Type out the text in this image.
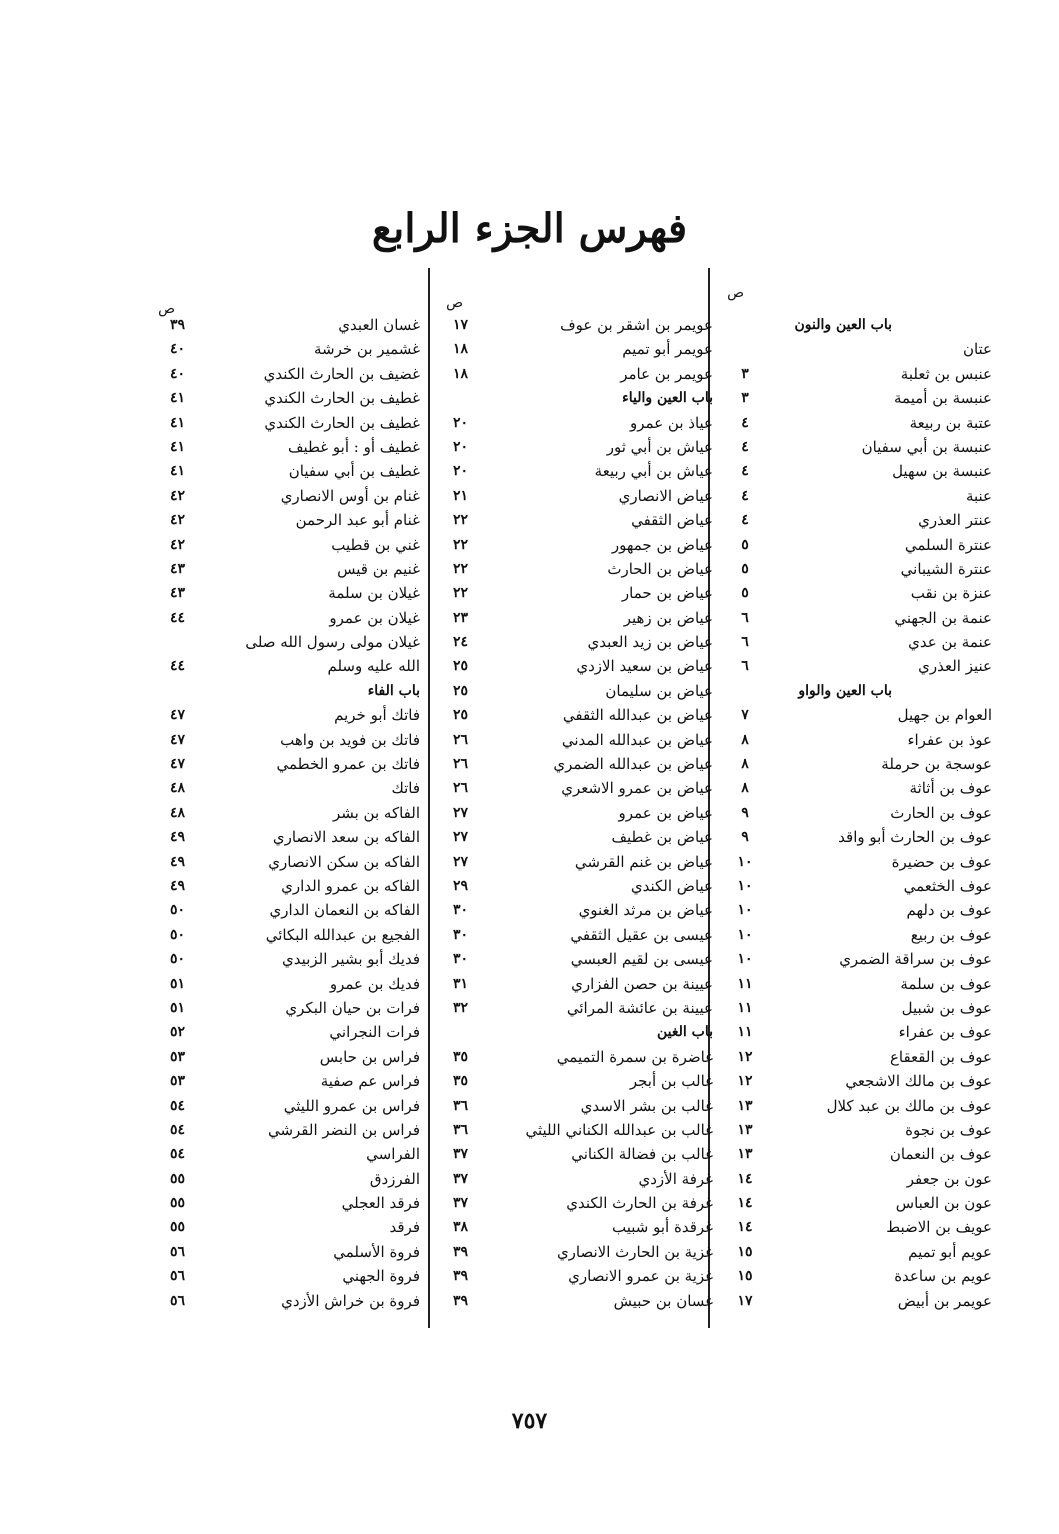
فهرس الجزء الرابع
ص
باب العين والنون
عتان
عنبس بن ثعلبة
٣
عنبسة بن أميمة
٣
عتبة بن ربيعة
٤
عنبسة بن أبي سفيان
٤
عنبسة بن سهيل
٤
عنبة
٤
عنتر العذري
٤
عنترة السلمي
٥
عنترة الشيباني
٥
عنزة بن نقب
٥
عنمة بن الجهني
٦
عنمة بن عدي
٦
عنيز العذري
٦
باب العين والواو
العوام بن جهيل
٧
عوذ بن عفراء
٨
عوسجة بن حرملة
٨
عوف بن أثاثة
٨
عوف بن الحارث
٩
عوف بن الحارث أبو واقد
٩
عوف بن حضيرة
١٠
عوف الخثعمي
١٠
عوف بن دلهم
١٠
عوف بن ربيع
١٠
عوف بن سراقة الضمري
١٠
عوف بن سلمة
١١
عوف بن شبيل
١١
عوف بن عفراء
١١
عوف بن القعقاع
١٢
عوف بن مالك الاشجعي
١٢
عوف بن مالك بن عبد كلال
١٣
عوف بن نجوة
١٣
عوف بن النعمان
١٣
عون بن جعفر
١٤
عون بن العباس
١٤
عويف بن الاضبط
١٤
عويم أبو تميم
١٥
عويم بن ساعدة
١٥
عويمر بن أبيض
١٧
ص
عويمر بن اشقر بن عوف
١٧
عويمر أبو تميم
١٨
عويمر بن عامر
١٨
باب العين والياء
عياذ بن عمرو
٢٠
عياش بن أبي ثور
٢٠
عياش بن أبي ربيعة
٢٠
عياض الانصاري
٢١
عياض الثقفي
٢٢
عياض بن جمهور
٢٢
عياض بن الحارث
٢٢
عياض بن حمار
٢٢
عياض بن زهير
٢٣
عياض بن زيد العبدي
٢٤
عياض بن سعيد الازدي
٢٥
عياض بن سليمان
٢٥
عياض بن عبدالله الثقفي
٢٥
عياض بن عبدالله المدني
٢٦
عياض بن عبدالله الضمري
٢٦
عياض بن عمرو الاشعري
٢٦
عياض بن عمرو
٢٧
عياض بن غطيف
٢٧
عياض بن غنم القرشي
٢٧
عياض الكندي
٢٩
عياض بن مرثد الغنوي
٣٠
عيسى بن عقيل الثقفي
٣٠
عيسى بن لقيم العبسي
٣٠
عيينة بن حصن الفزاري
٣١
عيينة بن عائشة المرائي
٣٢
باب الغين
غاضرة بن سمرة التميمي
٣٥
غالب بن أبجر
٣٥
غالب بن بشر الاسدي
٣٦
غالب بن عبدالله الكناني الليثي
٣٦
غالب بن فضالة الكناني
٣٧
غرفة الأزدي
٣٧
غرفة بن الحارث الكندي
٣٧
غرقدة أبو شبيب
٣٨
غزية بن الحارث الانصاري
٣٩
غزية بن عمرو الانصاري
٣٩
غسان بن حبيش
٣٩
ص
غسان العبدي
٣٩
غشمير بن خرشة
٤٠
غضيف بن الحارث الكندي
٤٠
غطيف بن الحارث الكندي
٤١
غطيف بن الحارث الكندي
٤١
غطيف أو : أبو غطيف
٤١
غطيف بن أبي سفيان
٤١
غنام بن أوس الانصاري
٤٢
غنام أبو عبد الرحمن
٤٢
غني بن قطيب
٤٢
غنيم بن قيس
٤٣
غيلان بن سلمة
٤٣
غيلان بن عمرو
٤٤
غيلان مولى رسول الله صلى
الله عليه وسلم
٤٤
باب الفاء
فاتك أبو خريم
٤٧
فاتك بن فويد بن واهب
٤٧
فاتك بن عمرو الخطمي
٤٧
فاتك
٤٨
الفاكه بن بشر
٤٨
الفاكه بن سعد الانصاري
٤٩
الفاكه بن سكن الانصاري
٤٩
الفاكه بن عمرو الداري
٤٩
الفاكه بن النعمان الداري
٥٠
الفجيع بن عبدالله البكائي
٥٠
فديك أبو بشير الزبيدي
٥٠
فديك بن عمرو
٥١
فرات بن حيان البكري
٥١
فرات النجراني
٥٢
فراس بن حابس
٥٣
فراس عم صفية
٥٣
فراس بن عمرو الليثي
٥٤
فراس بن النضر القرشي
٥٤
الفراسي
٥٤
الفرزدق
٥٥
فرقد العجلي
٥٥
فرقد
٥٥
فروة الأسلمي
٥٦
فروة الجهني
٥٦
فروة بن خراش الأزدي
٥٦
٧٥٧
